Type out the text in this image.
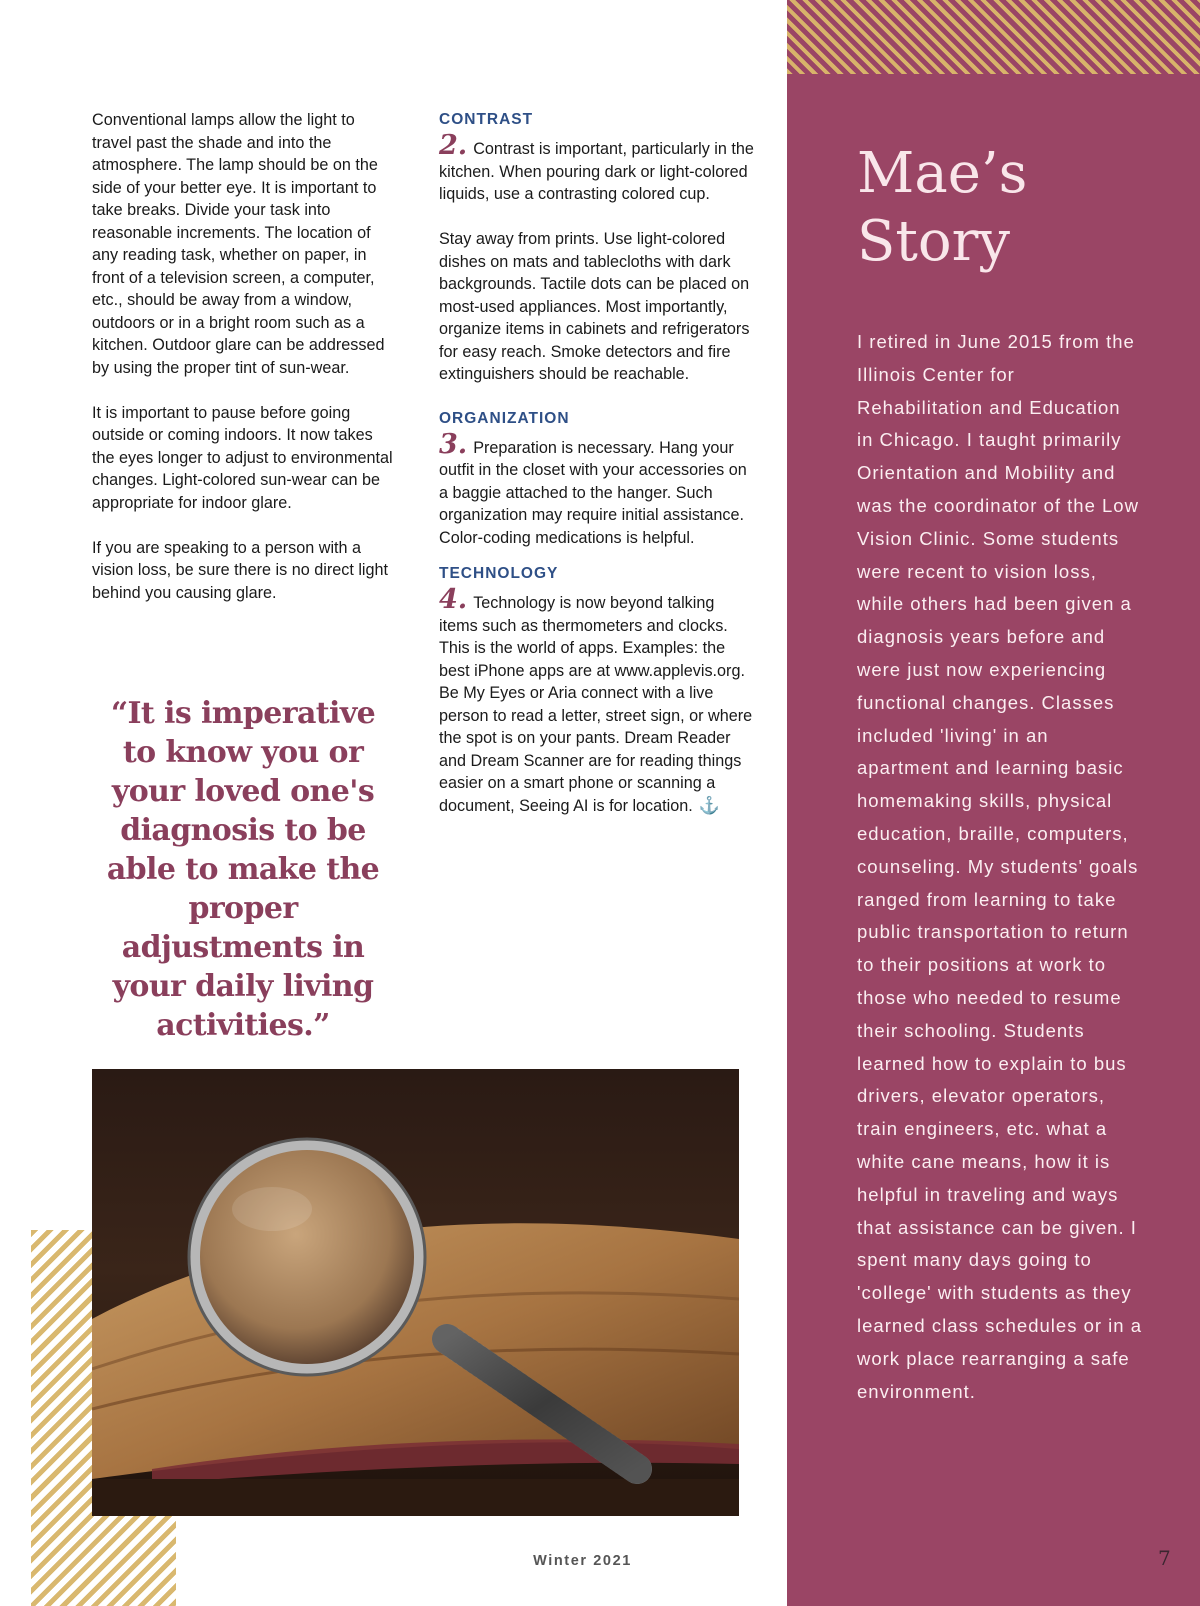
Mae’s
Story

I retired in June 2015 from the Illinois Center for Rehabilitation and Education in Chicago. I taught primarily Orientation and Mobility and was the coordinator of the Low Vision Clinic. Some students were recent to vision loss, while others had been given a diagnosis years before and were just now experiencing functional changes. Classes included 'living' in an apartment and learning basic homemaking skills, physical education, braille, computers, counseling. My students' goals ranged from learning to take public transportation to return to their positions at work to those who needed to resume their schooling. Students learned how to explain to bus drivers, elevator operators, train engineers, etc. what a white cane means, how it is helpful in traveling and ways that assistance can be given. I spent many days going to 'college' with students as they learned class schedules or in a work place rearranging a safe environment.

7

Conventional lamps allow the light to travel past the shade and into the atmosphere. The lamp should be on the side of your better eye. It is important to take breaks. Divide your task into reasonable increments. The location of any reading task, whether on paper, in front of a television screen, a computer, etc., should be away from a window, outdoors or in a bright room such as a kitchen. Outdoor glare can be addressed by using the proper tint of sun-wear.

It is important to pause before going outside or coming indoors. It now takes the eyes longer to adjust to environmental changes. Light-colored sun-wear can be appropriate for indoor glare.

If you are speaking to a person with a vision loss, be sure there is no direct light behind you causing glare.

“It is imperative to know you or your loved one's diagnosis to be able to make the proper adjustments in your daily living activities.”
CONTRAST

2. Contrast is important, particularly in the kitchen. When pouring dark or light-colored liquids, use a contrasting colored cup.

Stay away from prints. Use light-colored dishes on mats and tablecloths with dark backgrounds. Tactile dots can be placed on most-used appliances. Most importantly, organize items in cabinets and refrigerators for easy reach. Smoke detectors and fire extinguishers should be reachable.

ORGANIZATION

3. Preparation is necessary. Hang your outfit in the closet with your accessories on a baggie attached to the hanger. Such organization may require initial assistance. Color-coding medications is helpful.

TECHNOLOGY

4. Technology is now beyond talking items such as thermometers and clocks. This is the world of apps. Examples: the best iPhone apps are at www.applevis.org. Be My Eyes or Aria connect with a live person to read a letter, street sign, or where the spot is on your pants. Dream Reader and Dream Scanner are for reading things easier on a smart phone or scanning a document, Seeing AI is for location. ⚓

Winter 2021
